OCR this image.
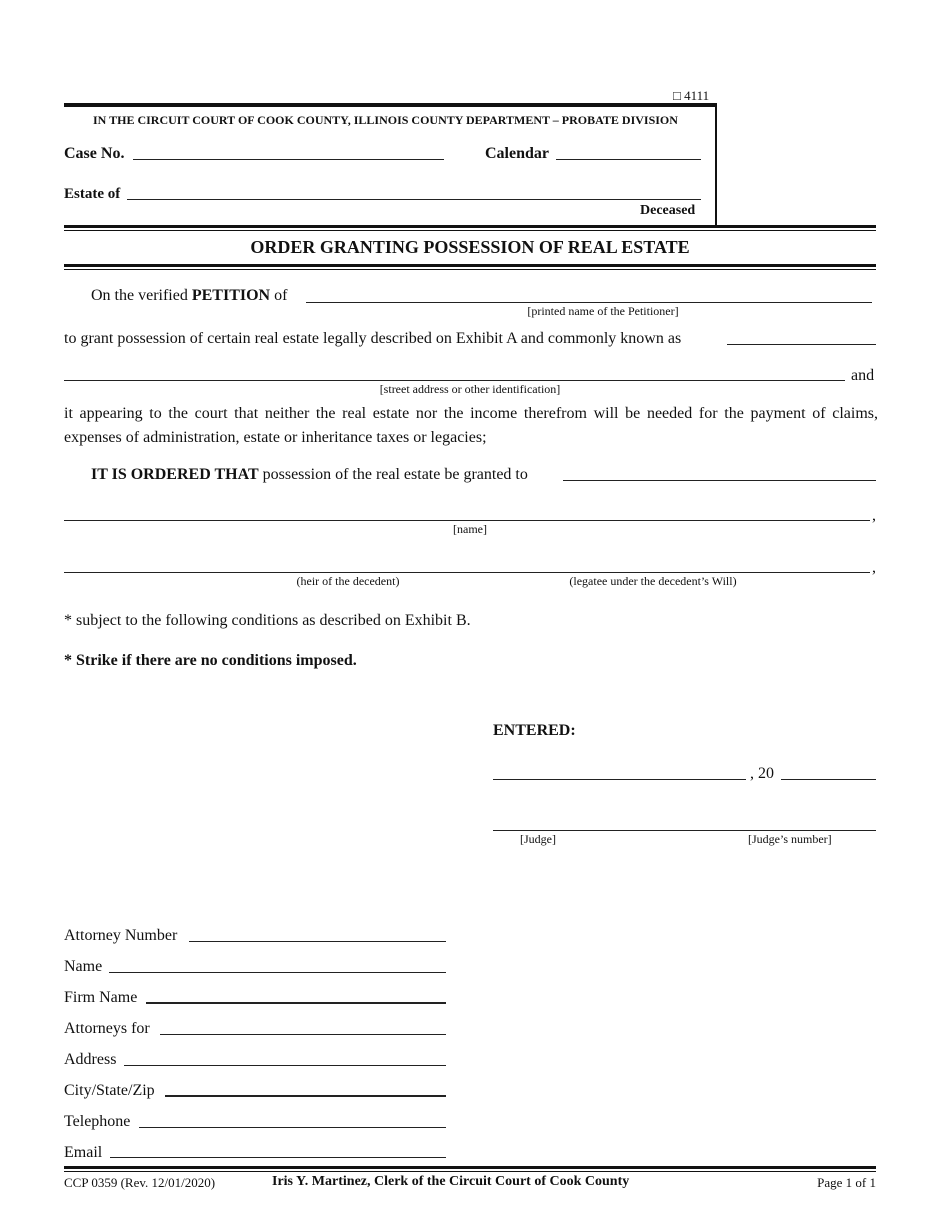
□ 4111
IN THE CIRCUIT COURT OF COOK COUNTY, ILLINOIS COUNTY DEPARTMENT – PROBATE DIVISION
Case No.	Calendar
Estate of
Deceased
ORDER GRANTING POSSESSION OF REAL ESTATE
On the verified PETITION of
[printed name of the Petitioner]
to grant possession of certain real estate legally described on Exhibit A and commonly known as
and
[street address or other identification]
it appearing to the court that neither the real estate nor the income therefrom will be needed for the payment of claims, expenses of administration, estate or inheritance taxes or legacies;
IT IS ORDERED THAT possession of the real estate be granted to
,
[name]
,
(heir of the decedent)	(legatee under the decedent’s Will)
* subject to the following conditions as described on Exhibit B.
* Strike if there are no conditions imposed.
ENTERED:
, 20
[Judge]	[Judge’s number]
Attorney Number
Name
Firm Name
Attorneys for
Address
City/State/Zip
Telephone
Email
CCP 0359 (Rev. 12/01/2020)	Iris Y. Martinez, Clerk of the Circuit Court of Cook County	Page 1 of 1
